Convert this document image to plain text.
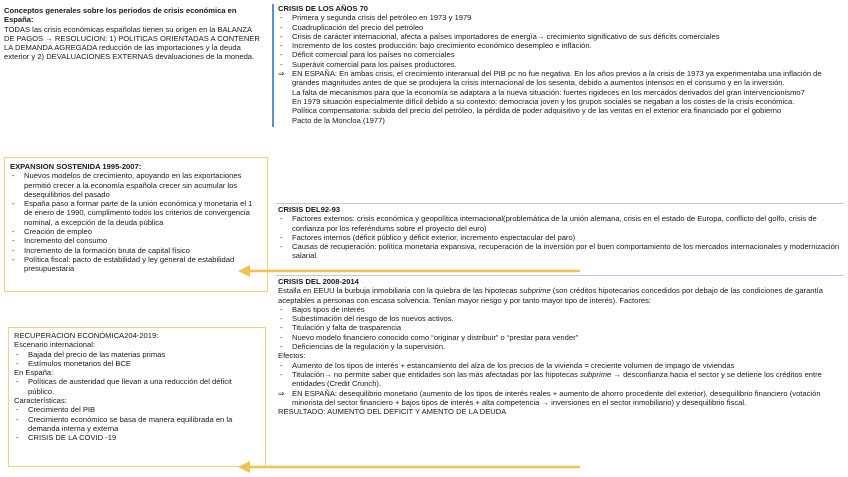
Conceptos generales sobre los periodos de crisis económica en España:
TODAS las crisis económicas españolas tienen su origen en la BALANZA DE PAGOS → RESOLUCION: 1) POLITICAS ORIENTADAS A CONTENER LA DEMANDA AGREGADA reducción de las importaciones y la deuda exterior y 2) DEVALUACIONES EXTERNAS devaluaciones de la moneda.
EXPANSION SOSTENIDA 1995-2007:
- Nuevos modelos de crecimiento, apoyando en las exportaciones permitió crecer a la economía española crecer sin acumular los desequilibrios del pasado
- España paso a formar parte de la unión económica y monetaria el 1 de enero de 1990, cumplimento todos los criterios de convergencia nominal, a excepción de la deuda pública
- Creación de empleo
- Incremento del consumo
- Incremento de la formación bruta de capital físico
- Política fiscal: pacto de estabilidad y ley general de estabilidad presupuestaria
RECUPERACION ECONÓMICA204-2019:
Escenario internacional:
- Bajada del precio de las materias primas
- Estímulos monetarios del BCE
En España:
- Políticas de austeridad que llevan a una reducción del déficit público.
Características:
- Crecimiento del PIB
- Crecimiento económico se basa de manera equilibrada en la demanda interna y externa
- CRISIS DE LA COVID -19
CRISIS DE LOS AÑOS 70
- Primera y segunda crisis del petróleo en 1973 y 1979
- Cuadruplicación del precio del petróleo
- Crisis de carácter internacional, afecta a países importadores de energía→ crecimiento significativo de sus déficits comerciales
- Incremento de los costes producción: bajo crecimiento económico desempleo e inflación.
- Déficit comercial para los países no comerciales
- Superávit comercial para los países productores.
⇒ EN ESPAÑA: En ambas crisis, el crecimiento interanual del PIB pc no fue negativa. En los años previos a la crisis de 1973 ya experimentaba una inflación de grandes magnitudes antes de que se produjera la crisis internacional de los sesenta, debido a aumentos intensos en el consumo y en la inversión.
La falta de mecanismos para que la economía se adaptara a la nueva situación: fuertes rigideces en los mercados derivados del gran intervencionismo7
En 1979 situación especialmente difícil debido a su contexto: democracia joven y los grupos sociales se negaban a los costes de la crisis económica.
Política compensatoria: subida del precio del petróleo, la pérdida de poder adquisitivo y de las ventas en el exterior era financiado por el gobierno
Pacto de la Moncloa (1977)
CRISIS DEL92-93
- Factores externos: crisis económica y geopolítica internacional(problemática de la unión alemana, crisis en el estado de Europa, conflicto del golfo, crisis de confianza por los referéndums sobre el proyecto del euro)
- Factores internos (déficit público y déficit exterior, incremento espectacular del paro)
- Causas de recuperación: política monetaria expansiva, recuperación de la inversión por el buen comportamiento de los mercados internacionales y modernización salarial.
CRISIS DEL 2008-2014
Estalla en EEUU la burbuja inmobiliaria con la quiebra de las hipotecas subprime (son créditos hipotecarios concedidos por debajo de las condiciones de garantía aceptables a personas con escasa solvencia. Tenían mayor riesgo y por tanto mayor tipo de interés). Factores:
- Bajos tipos de interés
- Subestimación del riesgo de los nuevos activos.
- Titulación y falta de trasparencia
- Nuevo modelo financiero conocido como “originar y distribuir” o “prestar para vender”
- Deficiencias de la regulación y la supervisión.
Efectos:
- Aumento de los tipos de interés + estancamiento del alza de los precios de la vivienda = creciente volumen de impago de viviendas
- Titulación→ no permite saber que entidades son las más afectadas por las hipotecas subprime → desconfianza hacia el sector y se detiene los créditos entre entidades (Credit Crunch).
⇒ EN ESPAÑA: desequilibrio monetario (aumento de los tipos de interés reales + aumento de ahorro procedente del exterior), desequilibrio financiero (votación minorista del sector financiero + bajos tipos de interés + alta competencia → inversiones en el sector inmobiliario) y desequilibrio fiscal.
RESULTADO: AUMENTO DEL DEFICIT Y AMENTO DE LA DEUDA
